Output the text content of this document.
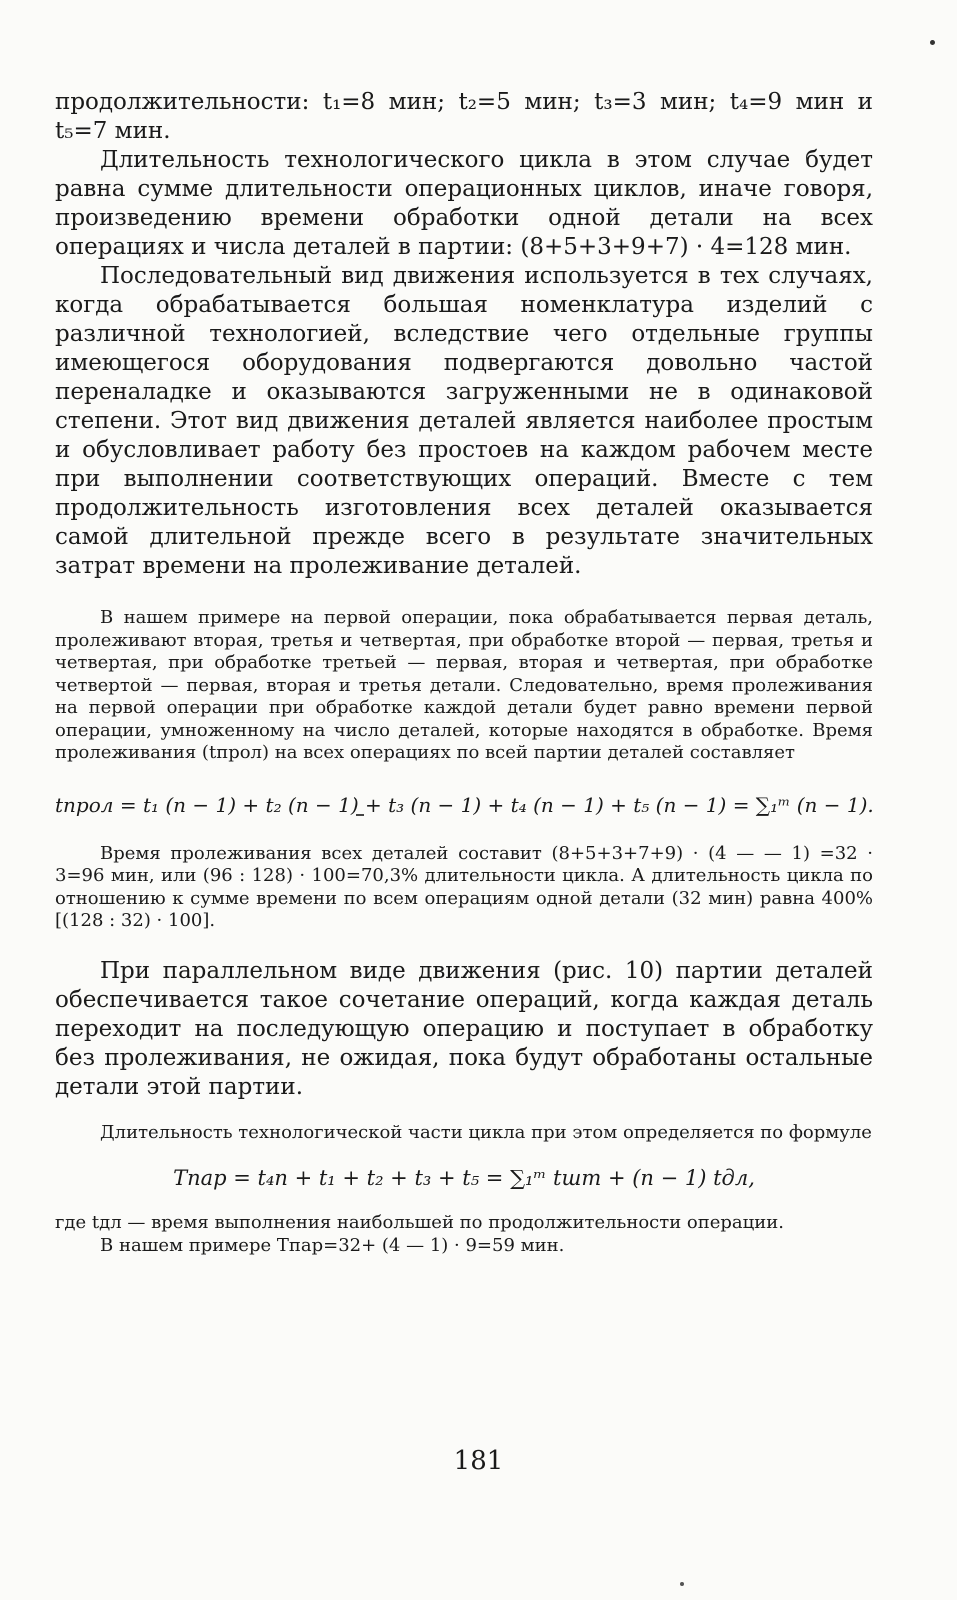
продолжительности: t₁=8 мин; t₂=5 мин; t₃=3 мин; t₄=9 мин и t₅=7 мин.

Длительность технологического цикла в этом случае будет равна сумме длительности операционных циклов, иначе говоря, произведению времени обработки одной детали на всех операциях и числа деталей в партии: (8+5+3+9+7) · 4=128 мин.

Последовательный вид движения используется в тех случаях, когда обрабатывается большая номенклатура изделий с различной технологией, вследствие чего отдельные группы имеющегося оборудования подвергаются довольно частой переналадке и оказываются загруженными не в одинаковой степени. Этот вид движения деталей является наиболее простым и обусловливает работу без простоев на каждом рабочем месте при выполнении соответствующих операций. Вместе с тем продолжительность изготовления всех деталей оказывается самой длительной прежде всего в результате значительных затрат времени на пролеживание деталей.

В нашем примере на первой операции, пока обрабатывается первая деталь, пролеживают вторая, третья и четвертая, при обработке второй — первая, третья и четвертая, при обработке третьей — первая, вторая и четвертая, при обработке четвертой — первая, вторая и третья детали. Следовательно, время пролеживания на первой операции при обработке каждой детали будет равно времени первой операции, умноженному на число деталей, которые находятся в обработке. Время пролеживания (tпрол) на всех операциях по всей партии деталей составляет

tпрол = t₁ (n − 1) + t₂ (n − 1) + t₃ (n − 1) + t₄ (n − 1) + t₅ (n − 1) = ∑₁ᵐ (n − 1).

Время пролеживания всех деталей составит (8+5+3+7+9) · (4 — — 1) =32 · 3=96 мин, или (96 : 128) · 100=70,3% длительности цикла. А длительность цикла по отношению к сумме времени по всем операциям одной детали (32 мин) равна 400% [(128 : 32) · 100].

При параллельном виде движения (рис. 10) партии деталей обеспечивается такое сочетание операций, когда каждая деталь переходит на последующую операцию и поступает в обработку без пролеживания, не ожидая, пока будут обработаны остальные детали этой партии.

Длительность технологической части цикла при этом определяется по формуле

Tпар = t₄n + t₁ + t₂ + t₃ + t₅ = ∑₁ᵐ tшт + (n − 1) tдл,

где tдл — время выполнения наибольшей по продолжительности операции.

В нашем примере Tпар=32+ (4 — 1) · 9=59 мин.

181
